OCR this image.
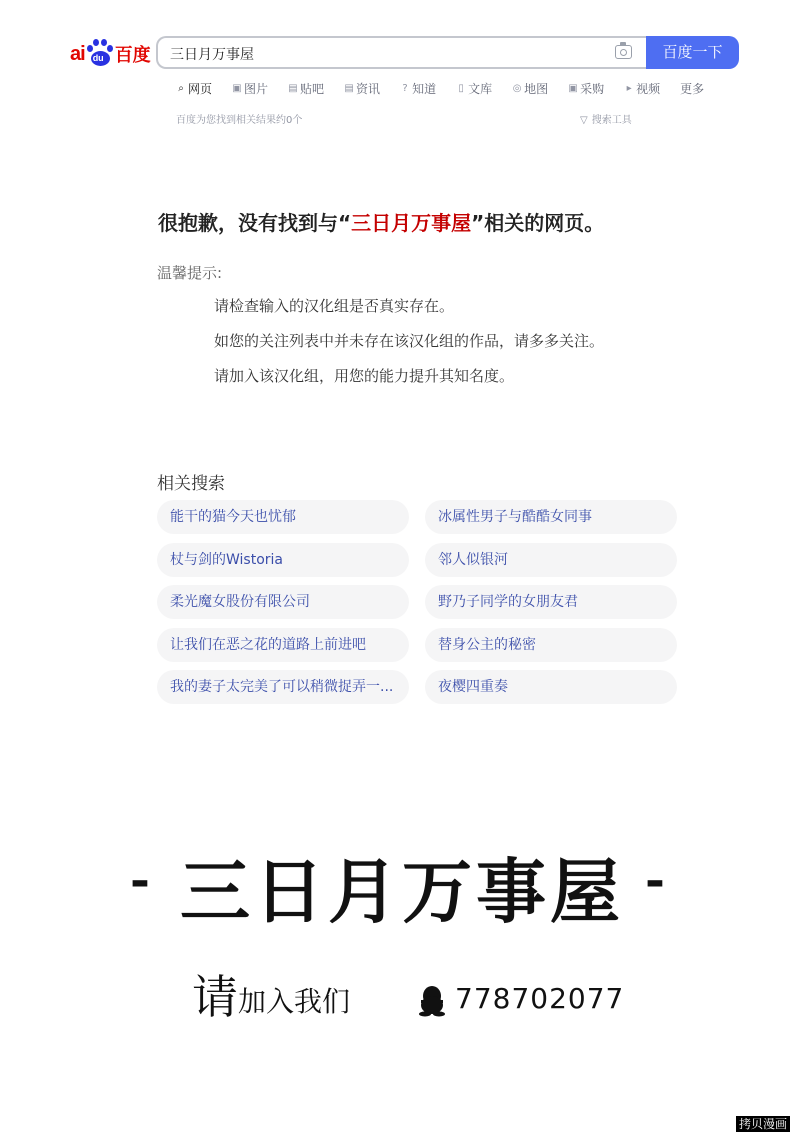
ai du 百度 三日月万事屋	百度一下
⌕ 网页 ▣ 图片 ▤ 贴吧 ▤ 资讯 ? 知道 ▯ 文库 ◎ 地图 ▣ 采购 ▸ 视频 更多
百度为您找到相关结果约0个	▽ 搜索工具
很抱歉，没有找到与“三日月万事屋”相关的网页。
温馨提示:
请检查输入的汉化组是否真实存在。
如您的关注列表中并未存在该汉化组的作品，请多多关注。
请加入该汉化组，用您的能力提升其知名度。
相关搜索
能干的猫今天也忧郁	冰属性男子与酷酷女同事
杖与剑的Wistoria	邻人似银河
柔光魔女股份有限公司	野乃子同学的女朋友君
让我们在恶之花的道路上前进吧	替身公主的秘密
我的妻子太完美了可以稍微捉弄一...	夜樱四重奏
- 三日月万事屋 -
请 加入我们	778702077
拷贝漫画
